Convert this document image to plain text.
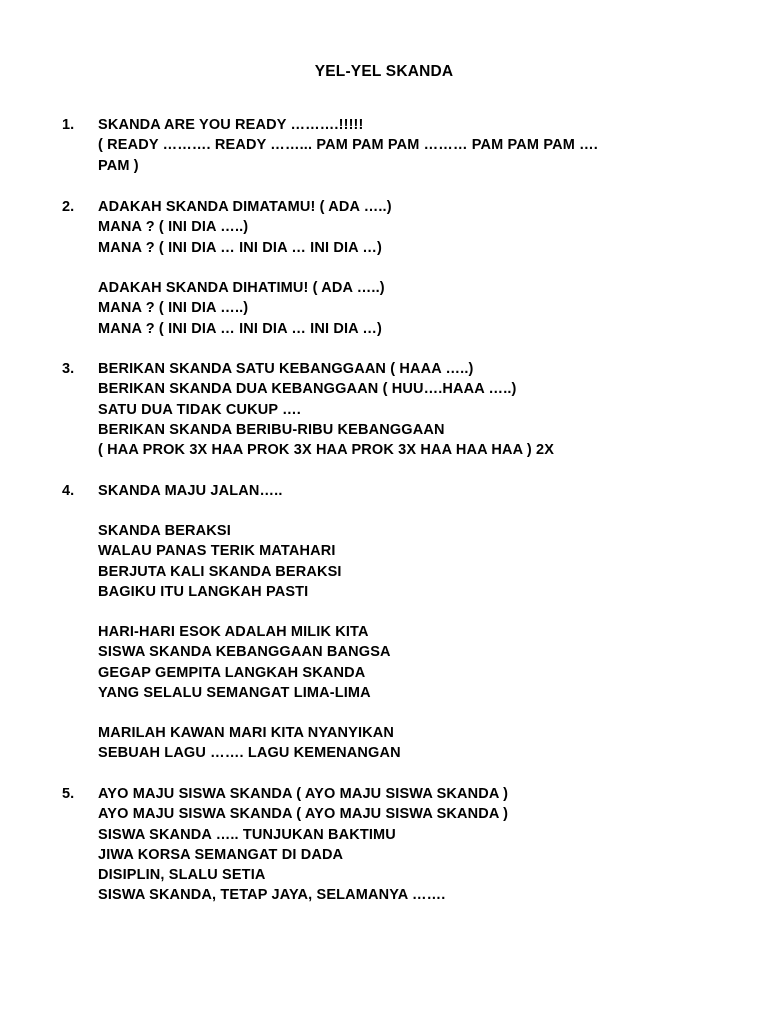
YEL-YEL SKANDA
1. SKANDA ARE YOU READY ……….!!!!!
( READY ………. READY ……... PAM PAM PAM ……… PAM PAM PAM ….
PAM )
2. ADAKAH SKANDA DIMATAMU! ( ADA …..)
MANA ? ( INI DIA …..)
MANA ? ( INI DIA … INI DIA … INI DIA …)
ADAKAH SKANDA DIHATIMU! ( ADA …..)
MANA ? ( INI DIA …..)
MANA ? ( INI DIA … INI DIA … INI DIA …)
3. BERIKAN SKANDA SATU KEBANGGAAN ( HAAA …..)
BERIKAN SKANDA DUA KEBANGGAAN ( HUU….HAAA …..)
SATU DUA TIDAK CUKUP ….
BERIKAN SKANDA BERIBU-RIBU KEBANGGAAN
( HAA PROK 3X HAA PROK 3X HAA PROK 3X HAA HAA HAA ) 2X
4. SKANDA MAJU JALAN…..
SKANDA BERAKSI
WALAU PANAS TERIK MATAHARI
BERJUTA KALI SKANDA BERAKSI
BAGIKU ITU LANGKAH PASTI
HARI-HARI ESOK ADALAH MILIK KITA
SISWA SKANDA KEBANGGAAN BANGSA
GEGAP GEMPITA LANGKAH SKANDA
YANG SELALU SEMANGAT LIMA-LIMA
MARILAH KAWAN MARI KITA NYANYIKAN
SEBUAH LAGU ……. LAGU KEMENANGAN
5. AYO MAJU SISWA SKANDA ( AYO MAJU SISWA SKANDA )
AYO MAJU SISWA SKANDA ( AYO MAJU SISWA SKANDA )
SISWA SKANDA ….. TUNJUKAN BAKTIMU
JIWA KORSA SEMANGAT DI DADA
DISIPLIN, SLALU SETIA
SISWA SKANDA, TETAP JAYA, SELAMANYA …….
